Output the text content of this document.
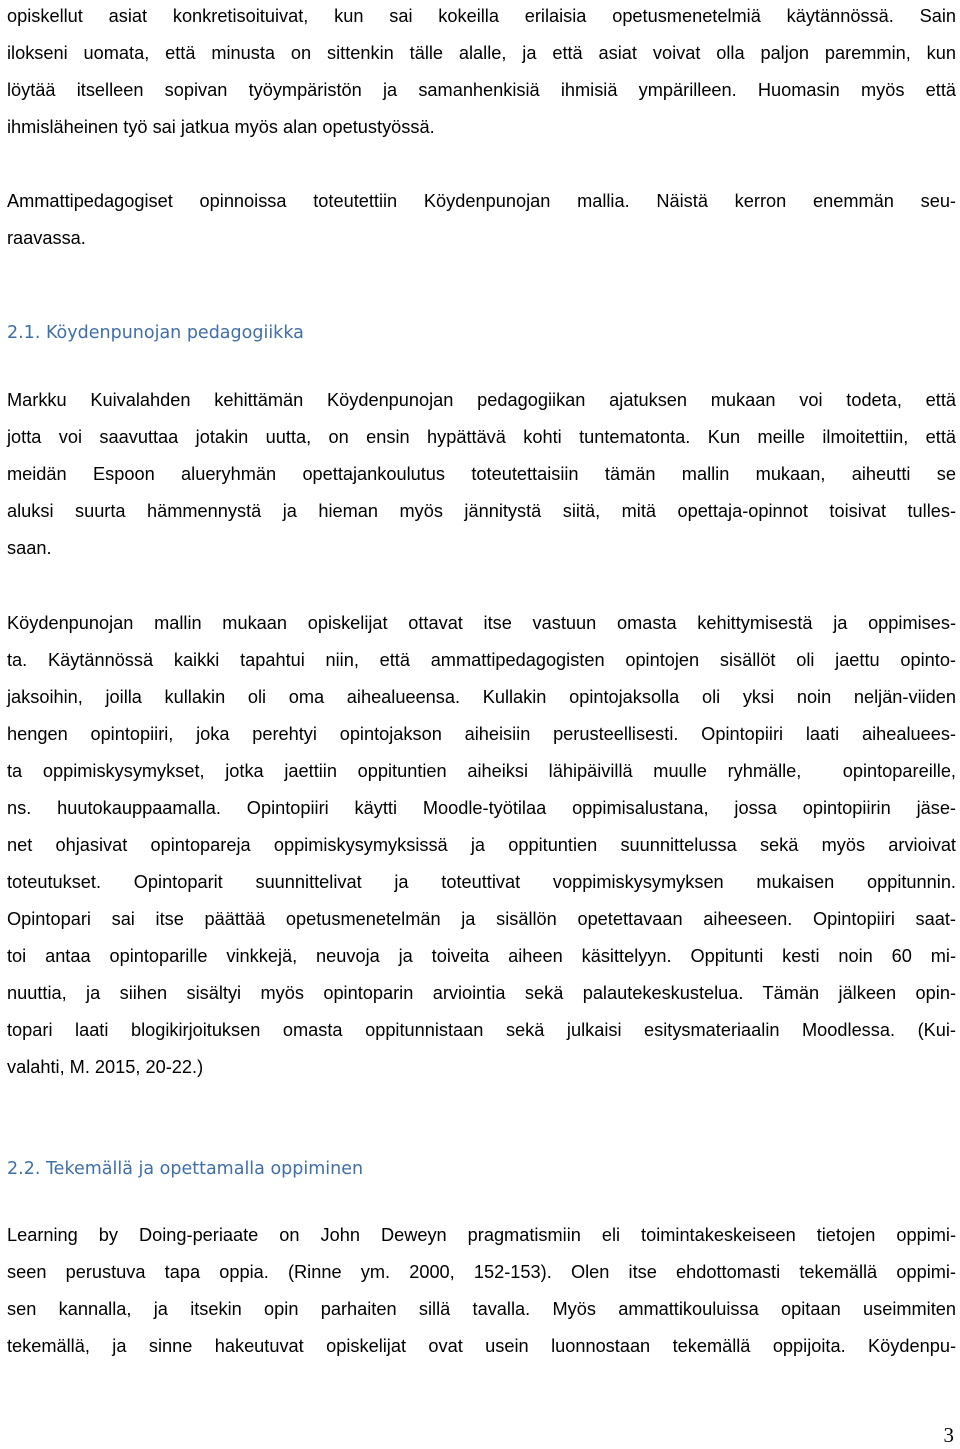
opiskellut asiat konkretisoituivat, kun sai kokeilla erilaisia opetusmenetelmiä käytännössä. Sain
ilokseni uomata, että minusta on sittenkin tälle alalle, ja että asiat voivat olla paljon paremmin, kun
löytää itselleen sopivan työympäristön ja samanhenkisiä ihmisiä ympärilleen. Huomasin myös että
ihmisläheinen työ sai jatkua myös alan opetustyössä.
Ammattipedagogiset opinnoissa toteutettiin Köydenpunojan mallia. Näistä kerron enemmän seu-
raavassa.
2.1. Köydenpunojan pedagogiikka
Markku Kuivalahden kehittämän Köydenpunojan pedagogiikan ajatuksen mukaan voi todeta, että
jotta voi saavuttaa jotakin uutta, on ensin hypättävä kohti tuntematonta. Kun meille ilmoitettiin, että
meidän Espoon alueryhmän opettajankoulutus toteutettaisiin tämän mallin mukaan, aiheutti se
aluksi suurta hämmennystä ja hieman myös jännitystä siitä, mitä opettaja-opinnot toisivat tulles-
saan.
Köydenpunojan mallin mukaan opiskelijat ottavat itse vastuun omasta kehittymisestä ja oppimises-
ta. Käytännössä kaikki tapahtui niin, että ammattipedagogisten opintojen sisällöt oli jaettu opinto-
jaksoihin, joilla kullakin oli oma aihealueensa. Kullakin opintojaksolla oli yksi noin neljän-viiden
hengen opintopiiri, joka perehtyi opintojakson aiheisiin perusteellisesti. Opintopiiri laati aihealuees-
ta oppimiskysymykset, jotka jaettiin oppituntien aiheiksi lähipäivillä muulle ryhmälle,  opintopareille,
ns. huutokauppaamalla. Opintopiiri käytti Moodle-työtilaa oppimisalustana, jossa opintopiirin jäse-
net ohjasivat opintopareja oppimiskysymyksissä ja oppituntien suunnittelussa sekä myös arvioivat
toteutukset. Opintoparit suunnittelivat ja toteuttivat voppimiskysymyksen mukaisen oppitunnin.
Opintopari sai itse päättää opetusmenetelmän ja sisällön opetettavaan aiheeseen. Opintopiiri saat-
toi antaa opintoparille vinkkejä, neuvoja ja toiveita aiheen käsittelyyn. Oppitunti kesti noin 60 mi-
nuuttia, ja siihen sisältyi myös opintoparin arviointia sekä palautekeskustelua. Tämän jälkeen opin-
topari laati blogikirjoituksen omasta oppitunnistaan sekä julkaisi esitysmateriaalin Moodlessa. (Kui-
valahti, M. 2015, 20-22.)
2.2. Tekemällä ja opettamalla oppiminen
Learning by Doing-periaate on John Deweyn pragmatismiin eli toimintakeskeiseen tietojen oppimi-
seen perustuva tapa oppia. (Rinne ym. 2000, 152-153). Olen itse ehdottomasti tekemällä oppimi-
sen kannalla, ja itsekin opin parhaiten sillä tavalla. Myös ammattikouluissa opitaan useimmiten
tekemällä, ja sinne hakeutuvat opiskelijat ovat usein luonnostaan tekemällä oppijoita. Köydenpu-
3
